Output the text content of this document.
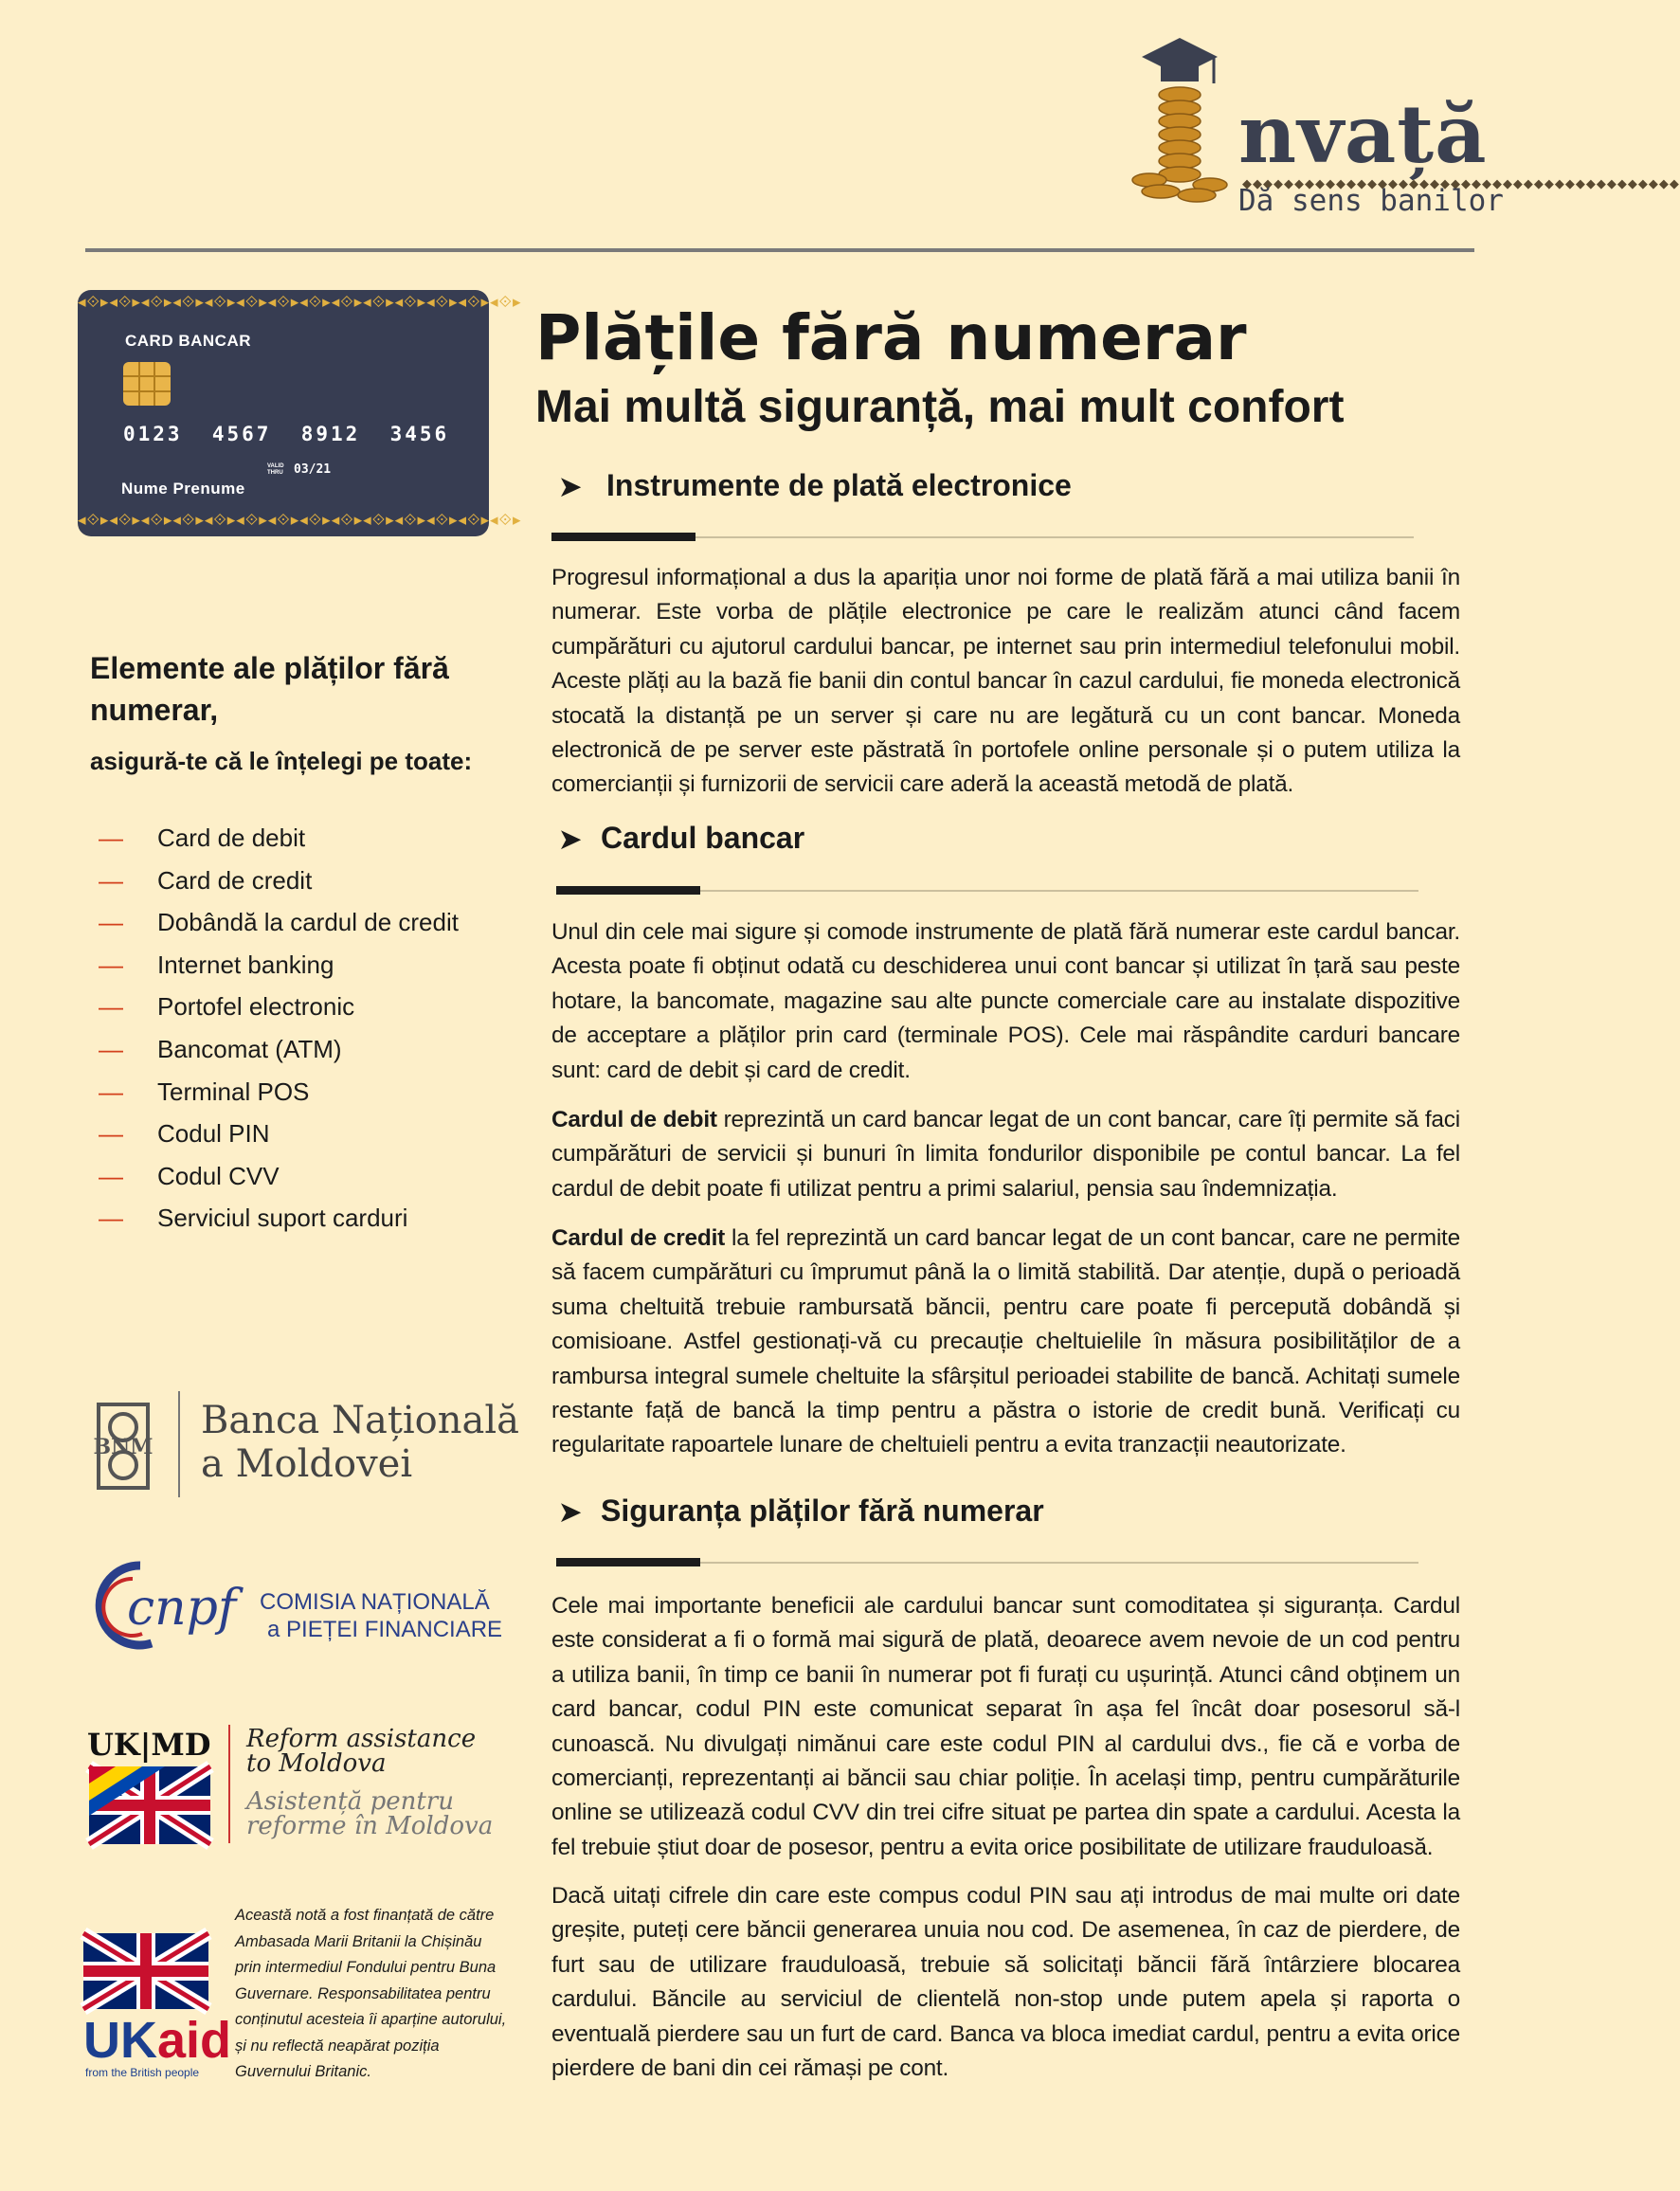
nvață
◆◆◆◆◆◆◆◆◆◆◆◆◆◆◆◆◆◆◆◆◆◆◆◆◆◆◆◆◆◆◆◆◆◆◆◆◆◆◆◆◆◆
Dă sens banilor
◂⟐▸◂⟐▸◂⟐▸◂⟐▸◂⟐▸◂⟐▸◂⟐▸◂⟐▸◂⟐▸◂⟐▸◂⟐▸◂⟐▸◂⟐▸◂⟐▸
CARD BANCAR
0123  4567  8912  3456
VALID THRU 03/21
Nume Prenume
◂⟐▸◂⟐▸◂⟐▸◂⟐▸◂⟐▸◂⟐▸◂⟐▸◂⟐▸◂⟐▸◂⟐▸◂⟐▸◂⟐▸◂⟐▸◂⟐▸
Elemente ale plăților fără numerar,

asigură-te că le înțelegi pe toate:

—	Card de debit
—	Card de credit
—	Dobândă la cardul de credit
—	Internet banking
—	Portofel electronic
—	Bancomat (ATM)
—	Terminal POS
—	Codul PIN
—	Codul CVV
—	Serviciul suport carduri
Plățile fără numerar
Mai multă siguranță, mai mult confort
➤ Instrumente de plată electronice

Progresul informațional a dus la apariția unor noi forme de plată fără a mai utiliza banii în numerar. Este vorba de plățile electronice pe care le realizăm atunci când facem cumpărături cu ajutorul cardului bancar, pe internet sau prin intermediul telefonului mobil. Aceste plăți au la bază fie banii din contul bancar în cazul cardului, fie moneda electronică stocată la distanță pe un server și care nu are legătură cu un cont bancar. Moneda electronică de pe server este păstrată în portofele online personale și o putem utiliza la comercianții și furnizorii de servicii care aderă la această metodă de plată.

➤ Cardul bancar

Unul din cele mai sigure și comode instrumente de plată fără numerar este cardul bancar. Acesta poate fi obținut odată cu deschiderea unui cont bancar și utilizat în țară sau peste hotare, la bancomate, magazine sau alte puncte comerciale care au instalate dispozitive de acceptare a plăților prin card (terminale POS). Cele mai răspândite carduri bancare sunt: card de debit și card de credit.

Cardul de debit reprezintă un card bancar legat de un cont bancar, care îți permite să faci cumpărături de servicii și bunuri în limita fondurilor disponibile pe contul bancar. La fel cardul de debit poate fi utilizat pentru a primi salariul, pensia sau îndemnizația.

Cardul de credit la fel reprezintă un card bancar legat de un cont bancar, care ne permite să facem cumpărături cu împrumut până la o limită stabilită. Dar atenție, după o perioadă suma cheltuită trebuie rambursată băncii, pentru care poate fi percepută dobândă și comisioane. Astfel gestionați-vă cu precauție cheltuielile în măsura posibilităților de a rambursa integral sumele cheltuite la sfârșitul perioadei stabilite de bancă. Achitați sumele restante față de bancă la timp pentru a păstra o istorie de credit bună. Verificați cu regularitate rapoartele lunare de cheltuieli pentru a evita tranzacții neautorizate.

➤ Siguranța plăților fără numerar

Cele mai importante beneficii ale cardului bancar sunt comoditatea și siguranța. Cardul este considerat a fi o formă mai sigură de plată, deoarece avem nevoie de un cod pentru a utiliza banii, în timp ce banii în numerar pot fi furați cu ușurință. Atunci când obținem un card bancar, codul PIN este comunicat separat în așa fel încât doar posesorul să-l cunoască. Nu divulgați nimănui care este codul PIN al cardului dvs., fie că e vorba de comercianți, reprezentanți ai băncii sau chiar poliție. În același timp, pentru cumpărăturile online se utilizează codul CVV din trei cifre situat pe partea din spate a cardului. Acesta la fel trebuie știut doar de posesor, pentru a evita orice posibilitate de utilizare frauduloasă.

Dacă uitați cifrele din care este compus codul PIN sau ați introdus de mai multe ori date greșite, puteți cere băncii generarea unuia nou cod. De asemenea, în caz de pierdere, de furt sau de utilizare frauduloasă, trebuie să solicitați băncii fără întârziere blocarea cardului. Băncile au serviciul de clientelă non-stop unde putem apela și raporta o eventuală pierdere sau un furt de card. Banca va bloca imediat cardul, pentru a evita orice pierdere de bani din cei rămași pe cont.

BNM
Banca Națională
a Moldovei
cnpf	COMISIA NAȚIONALĂ
a PIEȚEI FINANCIARE
UK|MD Reform assistance
to Moldova
Asistență pentru
reforme în Moldova
UKaid
from the British people

Această notă a fost finanțată de către Ambasada Marii Britanii la Chișinău prin intermediul Fondului pentru Buna Guvernare. Responsabilitatea pentru conținutul acesteia îi aparține autorului, și nu reflectă neapărat poziția Guvernului Britanic.
